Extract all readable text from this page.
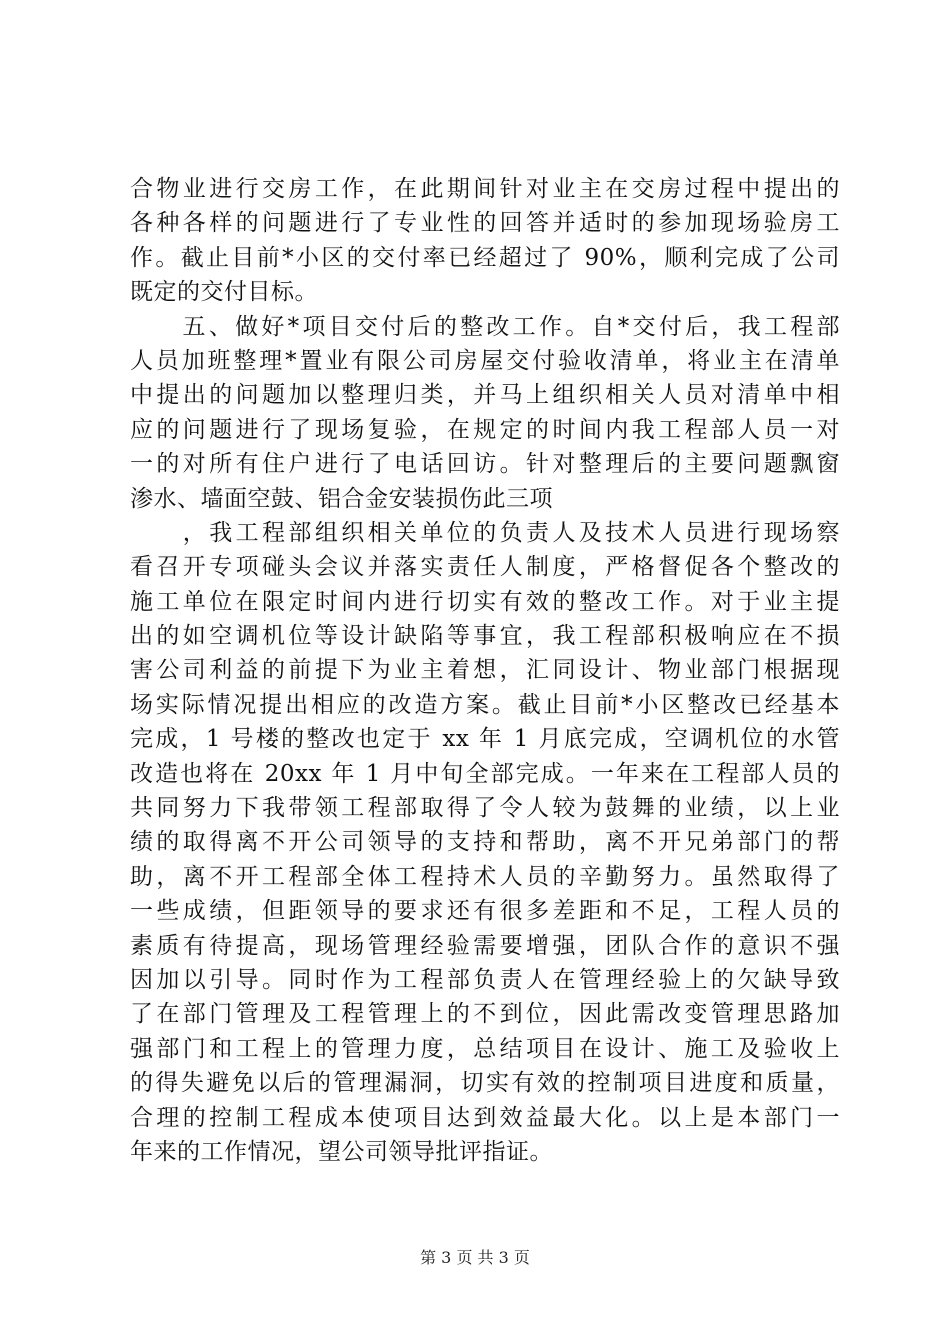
合物业进行交房工作，在此期间针对业主在交房过程中提出的
各种各样的问题进行了专业性的回答并适时的参加现场验房工
作。截止目前*小区的交付率已经超过了 90%，顺利完成了公司
既定的交付目标。
　　五、做好*项目交付后的整改工作。自*交付后，我工程部
人员加班整理*置业有限公司房屋交付验收清单，将业主在清单
中提出的问题加以整理归类，并马上组织相关人员对清单中相
应的问题进行了现场复验，在规定的时间内我工程部人员一对
一的对所有住户进行了电话回访。针对整理后的主要问题飘窗
渗水、墙面空鼓、铝合金安装损伤此三项
　　，我工程部组织相关单位的负责人及技术人员进行现场察
看召开专项碰头会议并落实责任人制度，严格督促各个整改的
施工单位在限定时间内进行切实有效的整改工作。对于业主提
出的如空调机位等设计缺陷等事宜，我工程部积极响应在不损
害公司利益的前提下为业主着想，汇同设计、物业部门根据现
场实际情况提出相应的改造方案。截止目前*小区整改已经基本
完成，1 号楼的整改也定于 xx 年 1 月底完成，空调机位的水管
改造也将在 20xx 年 1 月中旬全部完成。一年来在工程部人员的
共同努力下我带领工程部取得了令人较为鼓舞的业绩，以上业
绩的取得离不开公司领导的支持和帮助，离不开兄弟部门的帮
助，离不开工程部全体工程持术人员的辛勤努力。虽然取得了
一些成绩，但距领导的要求还有很多差距和不足，工程人员的
素质有待提高，现场管理经验需要增强，团队合作的意识不强
因加以引导。同时作为工程部负责人在管理经验上的欠缺导致
了在部门管理及工程管理上的不到位，因此需改变管理思路加
强部门和工程上的管理力度，总结项目在设计、施工及验收上
的得失避免以后的管理漏洞，切实有效的控制项目进度和质量，
合理的控制工程成本使项目达到效益最大化。以上是本部门一
年来的工作情况，望公司领导批评指证。
第 3 页 共 3 页
